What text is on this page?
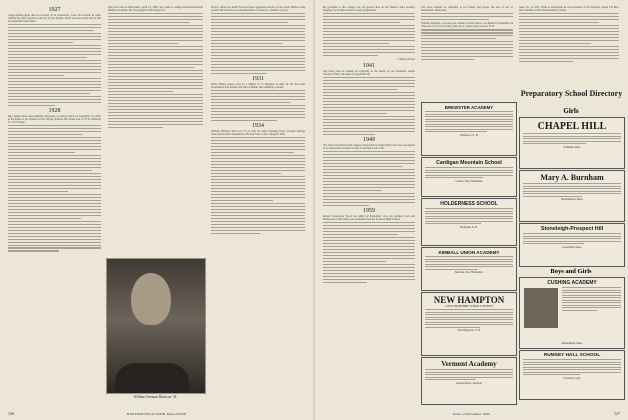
1927

Joseph Hanna Ryan died on October 23 in Greenwich, Conn. He became ill while visiting his wife's parents in the city in late August, and it was discovered that he had an inoperable brain tumor.

1928

Mrs. Angela Ross died suddenly following a coronary attack on September 15, 1960, at the home of her mother in Fort Wayne, Indiana. Her home was at 10 W. Jefferson St., Fort Wayne.

Otto now lives in Milwaukee. April 19, 1960, and came to college from Northwestern Military Academy. He was pledged to Phi Kappa Psi.

William Norman Harrison '34

Shortly before his death Fred had been appointed director of the North Hudson Park system. He had served as superintendent of parks for a number of years.

1931

David Hulett passed away in a Miami, N. Y. Hospital on May 24. He had been hospitalized four months and then at Miami after suffering a stroke.

1934

William Harrison died in N. Y. on July 10 while returning from Colorado Springs where he had been hospitalized. He had come to the College in 1930.

126	DARTMOUTH ALUMNI MAGAZINE

his gratitude to the College was far greater than all his friends could possibly imagine, for he had received a sound preparation.

J. Henry Weaver
1941

Our Class joins in sending its sympathy to the family of our classmate, Arthur Vincent Carrier, who died on September 26.

1949

The Class has learned with sadness of the death of James Wills Corr who was injured in an automobile accident on July 2 and died on the 13th.

1959

Robert Christopher Wood was killed on September 14 in an airplane crash near Hollywood, Calif. Kelly was graduated from the Stockton High School.

The Class extends its sympathy to his family and regrets the loss of one of Dartmouth's finest men.

Timothy Kennedy, a second-year student at Tuck School, was killed on September 24 when the car he was driving went out of control near Concord, N. H.

inent, Pa., in 1943. While at Dartmouth he was president of his fraternity, Alpha Chi Rho, and a member of the Interfraternity Council.

Preparatory School Directory
BREWSTER ACADEMY
Wolfeboro, N. H.
Cardigan Mountain School
Canaan, New Hampshire
HOLDERNESS SCHOOL
Plymouth, N. H.
KIMBALL UNION ACADEMY
Meriden, New Hampshire
NEW HAMPTON
A NEW HAMPSHIRE SCHOOL FOR BOYS
New Hampton, N. H.
Vermont Academy
Saxtons River, Vermont
Girls
CHAPEL HILL
Waltham, Mass.
Mary A. Burnham
Northampton, Mass.
Stoneleigh-Prospect Hill
Greenfield, Mass.
Boys and Girls
CUSHING ACADEMY
Ashburnham, Mass.
RUMSEY HALL SCHOOL
Cornwall, Conn.
Issue of December 1960	127
